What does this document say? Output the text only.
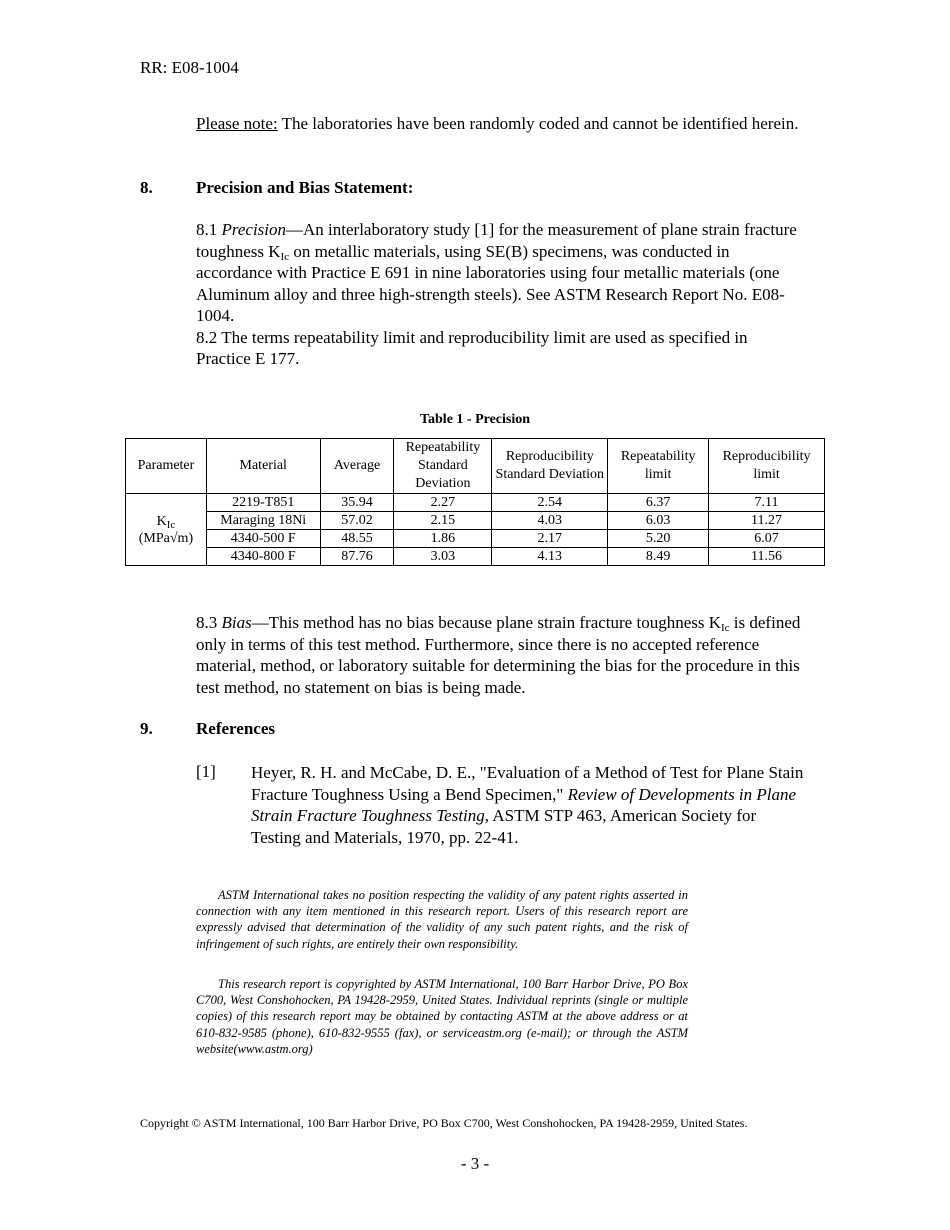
RR: E08-1004
Please note: The laboratories have been randomly coded and cannot be identified herein.
8.	Precision and Bias Statement:
8.1 Precision—An interlaboratory study [1] for the measurement of plane strain fracture toughness $K_{Ic}$ on metallic materials, using SE(B) specimens, was conducted in accordance with Practice E 691 in nine laboratories using four metallic materials (one Aluminum alloy and three high-strength steels). See ASTM Research Report No. E08-1004.
8.2 The terms repeatability limit and reproducibility limit are used as specified in Practice E 177.
Table 1 - Precision
Parameter	Material	Average	Repeatability Standard Deviation	Reproducibility Standard Deviation	Repeatability limit	Reproducibility limit
$K_{Ic}$
(MPa√m)	2219-T851	35.94	2.27	2.54	6.37	7.11
	Maraging 18Ni	57.02	2.15	4.03	6.03	11.27
	4340-500 F	48.55	1.86	2.17	5.20	6.07
	4340-800 F	87.76	3.03	4.13	8.49	11.56
8.3 Bias—This method has no bias because plane strain fracture toughness $K_{Ic}$ is defined only in terms of this test method. Furthermore, since there is no accepted reference material, method, or laboratory suitable for determining the bias for the procedure in this test method, no statement on bias is being made.
9.	References
[1] Heyer, R. H. and McCabe, D. E., "Evaluation of a Method of Test for Plane Stain Fracture Toughness Using a Bend Specimen," Review of Developments in Plane Strain Fracture Toughness Testing, ASTM STP 463, American Society for Testing and Materials, 1970, pp. 22-41.
ASTM International takes no position respecting the validity of any patent rights asserted in connection with any item mentioned in this research report. Users of this research report are expressly advised that determination of the validity of any such patent rights, and the risk of infringement of such rights, are entirely their own responsibility.
This research report is copyrighted by ASTM International, 100 Barr Harbor Drive, PO Box C700, West Conshohocken, PA 19428-2959, United States. Individual reprints (single or multiple copies) of this research report may be obtained by contacting ASTM at the above address or at 610-832-9585 (phone), 610-832-9555 (fax), or serviceastm.org (e-mail); or through the ASTM website(www.astm.org)
Copyright © ASTM International, 100 Barr Harbor Drive, PO Box C700, West Conshohocken, PA 19428-2959, United States.
- 3 -
